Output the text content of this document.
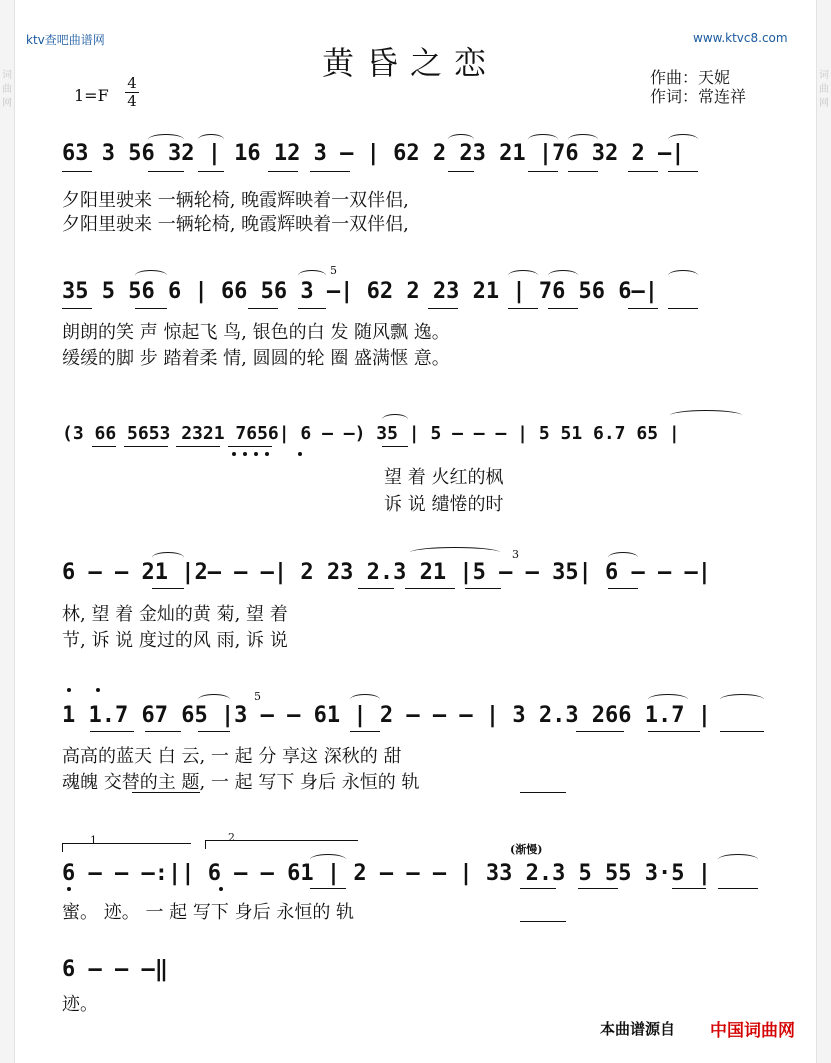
词
曲
网
词
曲
网
ktv查吧曲谱网	www.ktvc8.com
黄昏之恋	作曲：天妮
作词：常连祥
1=F
4
4
63 3 56 32 | 16 12 3 — | 62 2 23 21 |76 32 2 —|
夕阳里驶来 一辆轮椅, 晚霞辉映着一双伴侣,
夕阳里驶来 一辆轮椅, 晚霞辉映着一双伴侣,
5
35 5 56 6 | 66 56 3 —| 62 2 23 21 | 76 56 6—|
朗朗的笑 声 惊起飞 鸟, 银色的白 发 随风飘 逸。
缓缓的脚 步 踏着柔 情, 圆圆的轮 圈 盛满惬 意。
(3 66 5653 2321 7656| 6 — —) 35 | 5 — — — | 5 51 6.7 65 |
望 着 火红的枫
诉 说 缱惓的时
3
6 — — 21 |2— — —| 2 23 2.3 21 |5 — — 35| 6 — — —|
林, 望 着 金灿的黄 菊, 望 着
节, 诉 说 度过的风 雨, 诉 说
5
1 1.7 67 65 |3 — — 61 | 2 — — — | 3 2.3 266 1.7 |
高高的蓝天 白 云, 一 起 分 享这 深秋的 甜
魂魄 交替的主 题, 一 起 写下 身后 永恒的 轨
1	2
(渐慢)
6 — — —:|| 6 — — 61 | 2 — — — | 33 2.3 5 55 3·5 |
蜜。 迹。 一 起 写下 身后 永恒的 轨
6 — — —‖
迹。
本曲谱源自 中国词曲网
